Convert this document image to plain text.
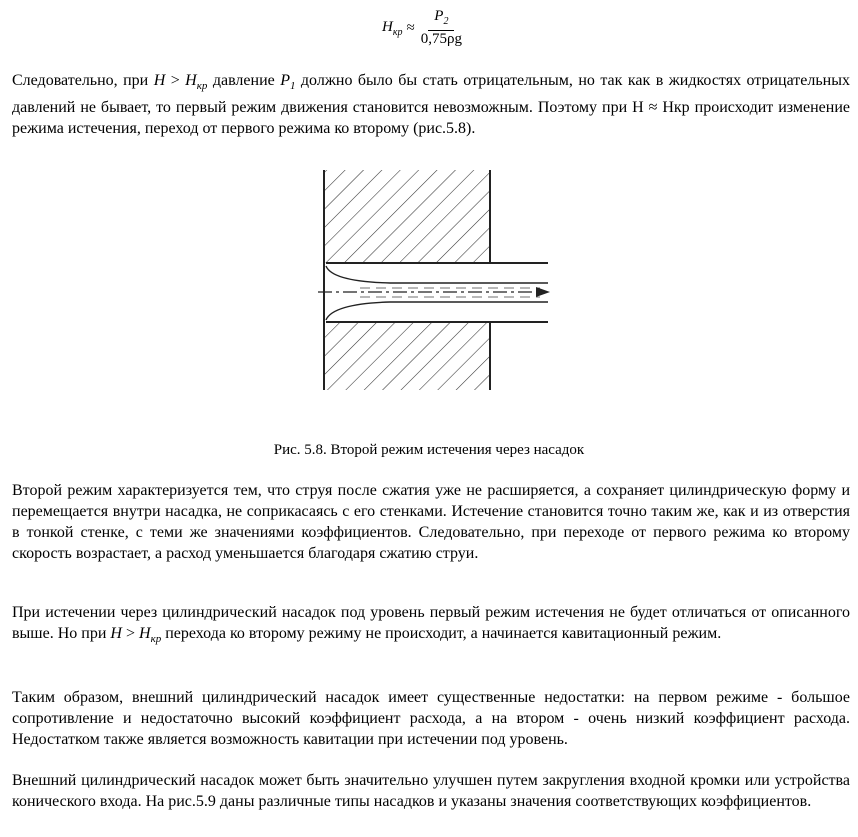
$H_{кр} \approx \frac{P_2}{0,75\rho g}$

Следовательно, при $H > H_{кр}$ давление $P_1$ должно было бы стать отрицательным, но так как в жидкостях отрицательных давлений не бывает, то первый режим движения становится невозможным. Поэтому при Н ≈ Нкр происходит изменение режима истечения, переход от первого режима ко второму (рис.5.8).

Рис. 5.8. Второй режим истечения через насадок

Второй режим характеризуется тем, что струя после сжатия уже не расширяется, а сохраняет цилиндрическую форму и перемещается внутри насадка, не соприкасаясь с его стенками. Истечение становится точно таким же, как и из отверстия в тонкой стенке, с теми же значениями коэффициентов. Следовательно, при переходе от первого режима ко второму скорость возрастает, а расход уменьшается благодаря сжатию струи.

При истечении через цилиндрический насадок под уровень первый режим истечения не будет отличаться от описанного выше. Но при $H > H_{кр}$ перехода ко второму режиму не происходит, а начинается кавитационный режим.

Таким образом, внешний цилиндрический насадок имеет существенные недостатки: на первом режиме - большое сопротивление и недостаточно высокий коэффициент расхода, а на втором - очень низкий коэффициент расхода. Недостатком также является возможность кавитации при истечении под уровень.

Внешний цилиндрический насадок может быть значительно улучшен путем закругления входной кромки или устройства конического входа. На рис.5.9 даны различные типы насадков и указаны значения соответствующих коэффициентов.
